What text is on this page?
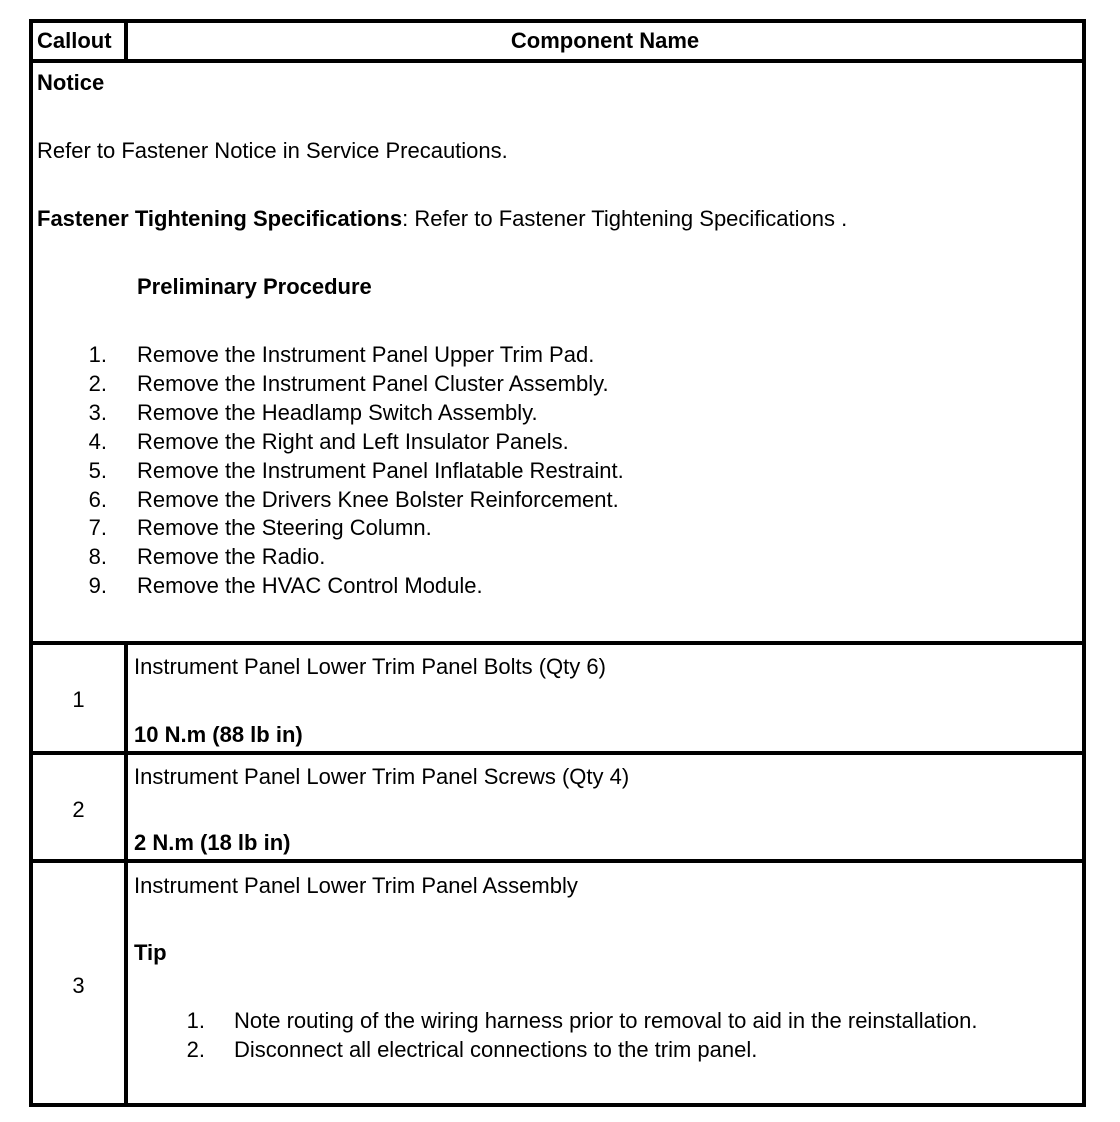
Callout	Component Name
Notice
Refer to Fastener Notice in Service Precautions.
Fastener Tightening Specifications: Refer to Fastener Tightening Specifications .
Preliminary Procedure
1. Remove the Instrument Panel Upper Trim Pad.
2. Remove the Instrument Panel Cluster Assembly.
3. Remove the Headlamp Switch Assembly.
4. Remove the Right and Left Insulator Panels.
5. Remove the Instrument Panel Inflatable Restraint.
6. Remove the Drivers Knee Bolster Reinforcement.
7. Remove the Steering Column.
8. Remove the Radio.
9. Remove the HVAC Control Module.
1
Instrument Panel Lower Trim Panel Bolts (Qty 6)
10 N.m (88 lb in)
2
Instrument Panel Lower Trim Panel Screws (Qty 4)
2 N.m (18 lb in)
3
Instrument Panel Lower Trim Panel Assembly
Tip
1. Note routing of the wiring harness prior to removal to aid in the reinstallation.
2. Disconnect all electrical connections to the trim panel.
